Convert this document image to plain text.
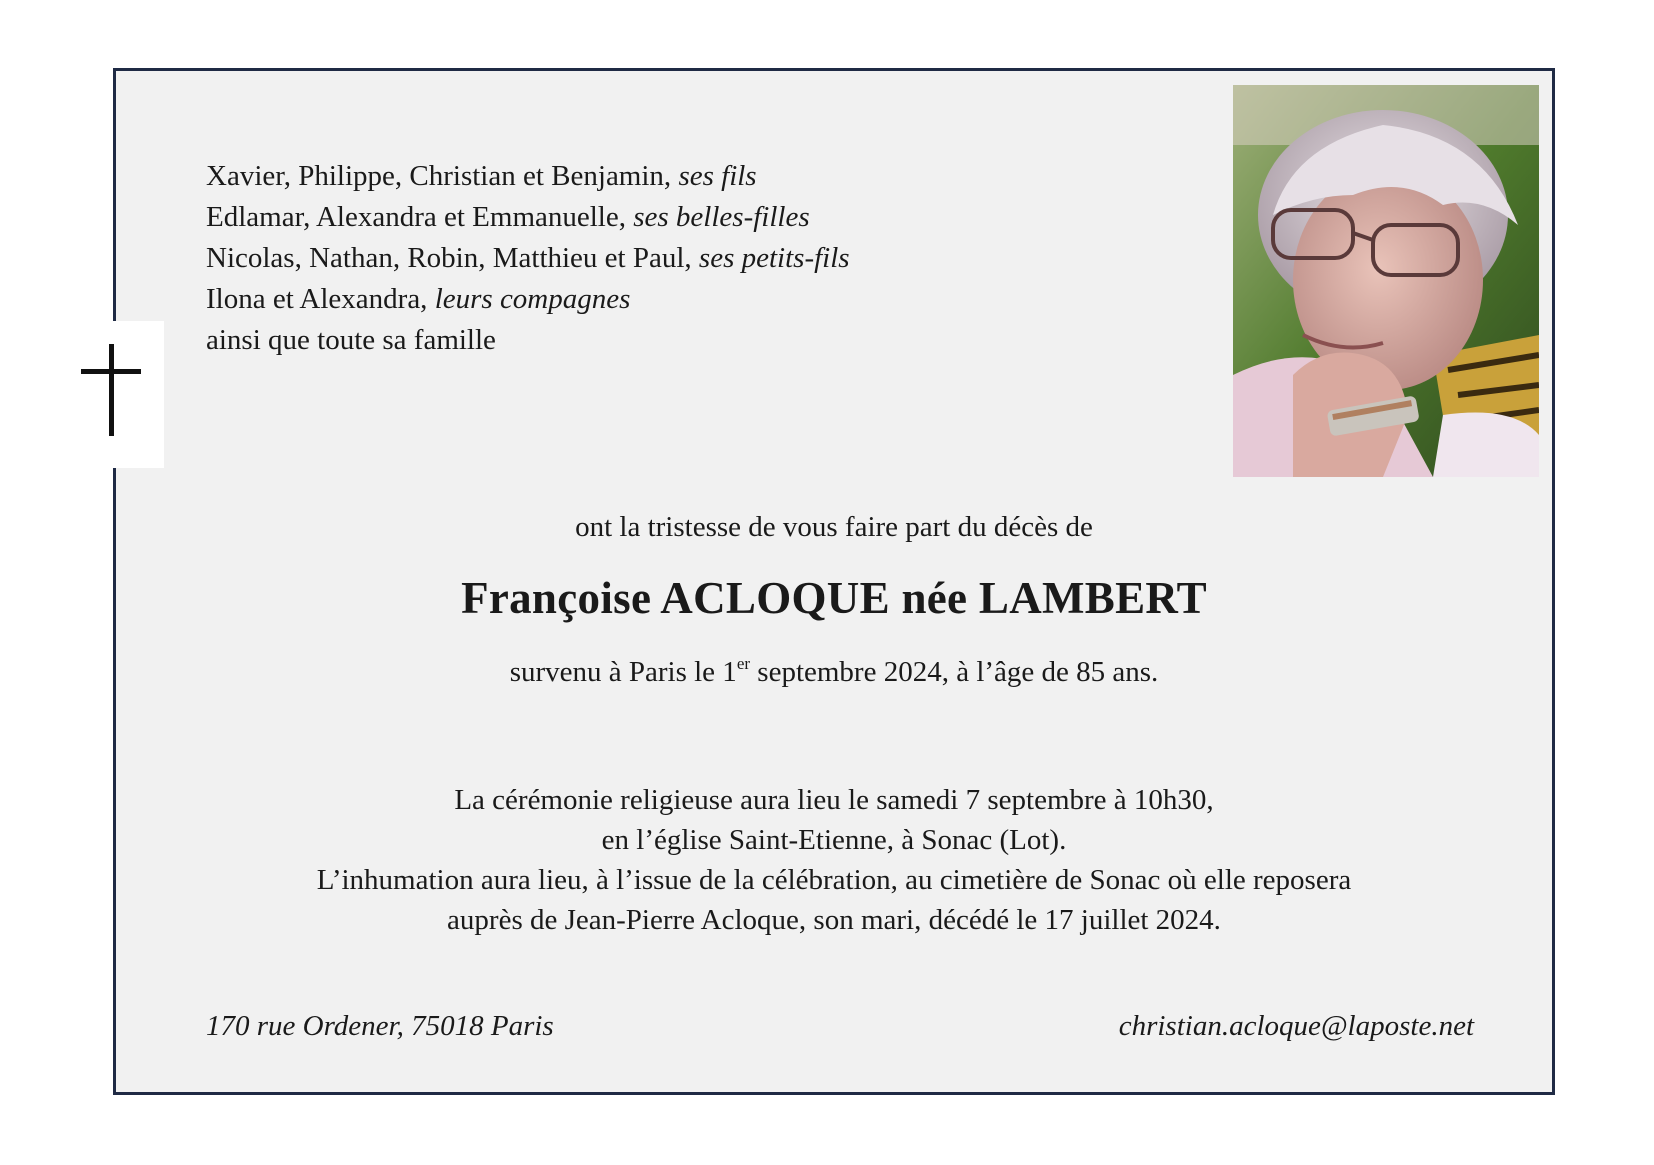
Xavier, Philippe, Christian et Benjamin, ses fils
Edlamar, Alexandra et Emmanuelle, ses belles-filles
Nicolas, Nathan, Robin, Matthieu et Paul, ses petits-fils
Ilona et Alexandra, leurs compagnes
ainsi que toute sa famille
ont la tristesse de vous faire part du décès de
Françoise ACLOQUE née LAMBERT
survenu à Paris le 1er septembre 2024, à l’âge de 85 ans.
La cérémonie religieuse aura lieu le samedi 7 septembre à 10h30,
en l’église Saint-Etienne, à Sonac (Lot).
L’inhumation aura lieu, à l’issue de la célébration, au cimetière de Sonac où elle reposera
auprès de Jean-Pierre Acloque, son mari, décédé le 17 juillet 2024.
170 rue Ordener, 75018 Paris	christian.acloque@laposte.net
